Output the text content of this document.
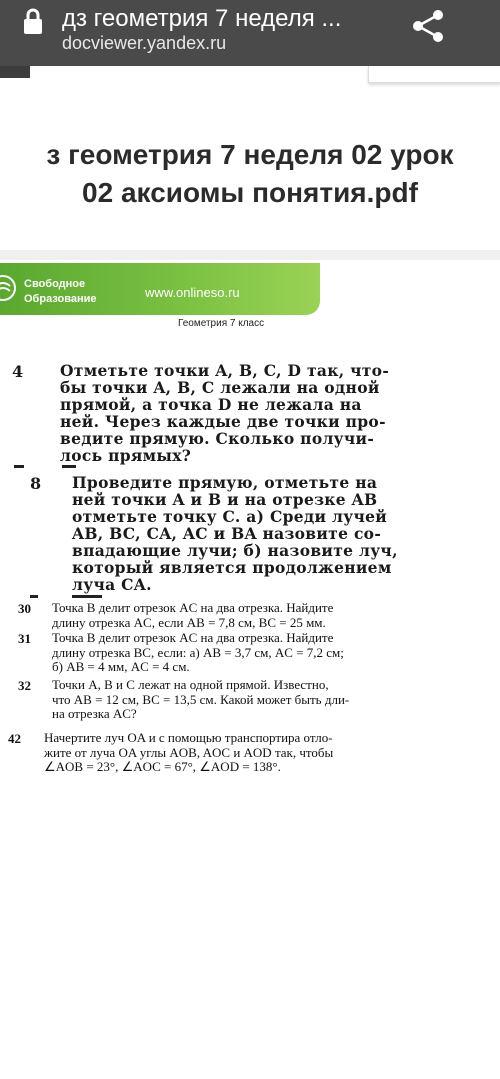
дз геометрия 7 неделя ...
docviewer.yandex.ru
з геометрия 7 неделя 02 урок
02 аксиомы понятия.pdf
Свободное
Образование	www.onlineso.ru
Геометрия 7 класс
4 Отметьте точки A, B, C, D так, что-
бы точки A, B, C лежали на одной
прямой, а точка D не лежала на
ней. Через каждые две точки про-
ведите прямую. Сколько получи-
лось прямых?
8 Проведите прямую, отметьте на
ней точки A и B и на отрезке AB
отметьте точку C. а) Среди лучей
AB, BC, CA, AC и BA назовите со-
впадающие лучи; б) назовите луч,
который является продолжением
луча CA.
30 Точка B делит отрезок AC на два отрезка. Найдите
длину отрезка AC, если AB = 7,8 см, BC = 25 мм.
31 Точка B делит отрезок AC на два отрезка. Найдите
длину отрезка BC, если: а) AB = 3,7 см, AC = 7,2 см;
б) AB = 4 мм, AC = 4 см.
32 Точки A, B и C лежат на одной прямой. Известно,
что AB = 12 см, BC = 13,5 см. Какой может быть дли-
на отрезка AC?
42 Начертите луч OA и с помощью транспортира отло-
жите от луча OA углы AOB, AOC и AOD так, чтобы
∠AOB = 23°, ∠AOC = 67°, ∠AOD = 138°.
